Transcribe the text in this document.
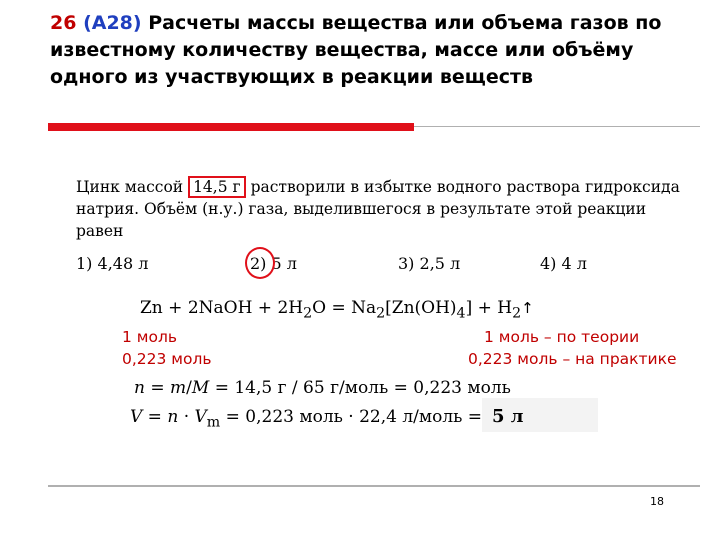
26 (А28) Расчеты массы вещества или объема газов по известному количеству вещества, массе или объёму одного из участвующих в реакции веществ
Цинк массой 14,5 г растворили в избытке водного раствора гидроксида натрия. Объём (н.у.) газа, выделившегося в результате этой реакции равен
1) 4,48 л	2) 5 л	3) 2,5 л	4) 4 л
Zn + 2NaOH + $2H_2O = Na_2[Zn(OH)_4]$ + $H_2↑$
1 моль
0,223 моль
1 моль – по теории
0,223 моль – на практике
n = m/M = 14,5 г / 65 г/моль = 0,223 моль
$V = n \cdot V_m = 0,223$ моль · 22,4 л/моль = 5 л
18
